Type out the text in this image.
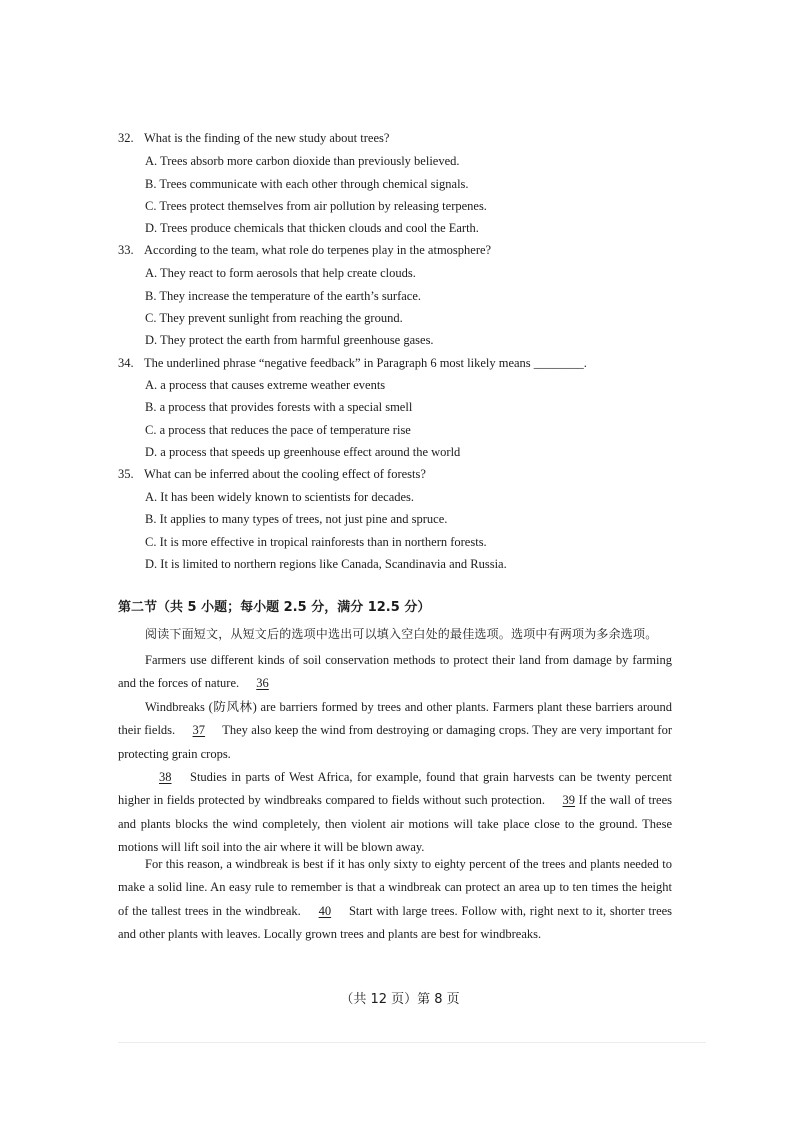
32. What is the finding of the new study about trees?
A. Trees absorb more carbon dioxide than previously believed.
B. Trees communicate with each other through chemical signals.
C. Trees protect themselves from air pollution by releasing terpenes.
D. Trees produce chemicals that thicken clouds and cool the Earth.
33. According to the team, what role do terpenes play in the atmosphere?
A. They react to form aerosols that help create clouds.
B. They increase the temperature of the earth’s surface.
C. They prevent sunlight from reaching the ground.
D. They protect the earth from harmful greenhouse gases.
34. The underlined phrase “negative feedback” in Paragraph 6 most likely means ________.
A. a process that causes extreme weather events
B. a process that provides forests with a special smell
C. a process that reduces the pace of temperature rise
D. a process that speeds up greenhouse effect around the world
35. What can be inferred about the cooling effect of forests?
A. It has been widely known to scientists for decades.
B. It applies to many types of trees, not just pine and spruce.
C. It is more effective in tropical rainforests than in northern forests.
D. It is limited to northern regions like Canada, Scandinavia and Russia.
第二节（共 5 小题；每小题 2.5 分，满分 12.5 分）
阅读下面短文，从短文后的选项中选出可以填入空白处的最佳选项。选项中有两项为多余选项。
Farmers use different kinds of soil conservation methods to protect their land from damage by farming and the forces of nature. 36
Windbreaks (防风林) are barriers formed by trees and other plants. Farmers plant these barriers around their fields. 37 They also keep the wind from destroying or damaging crops. They are very important for protecting grain crops.
38 Studies in parts of West Africa, for example, found that grain harvests can be twenty percent higher in fields protected by windbreaks compared to fields without such protection. 39 If the wall of trees and plants blocks the wind completely, then violent air motions will take place close to the ground. These motions will lift soil into the air where it will be blown away.
For this reason, a windbreak is best if it has only sixty to eighty percent of the trees and plants needed to make a solid line. An easy rule to remember is that a windbreak can protect an area up to ten times the height of the tallest trees in the windbreak. 40 Start with large trees. Follow with, right next to it, shorter trees and other plants with leaves. Locally grown trees and plants are best for windbreaks.
（共 12 页）第 8 页
